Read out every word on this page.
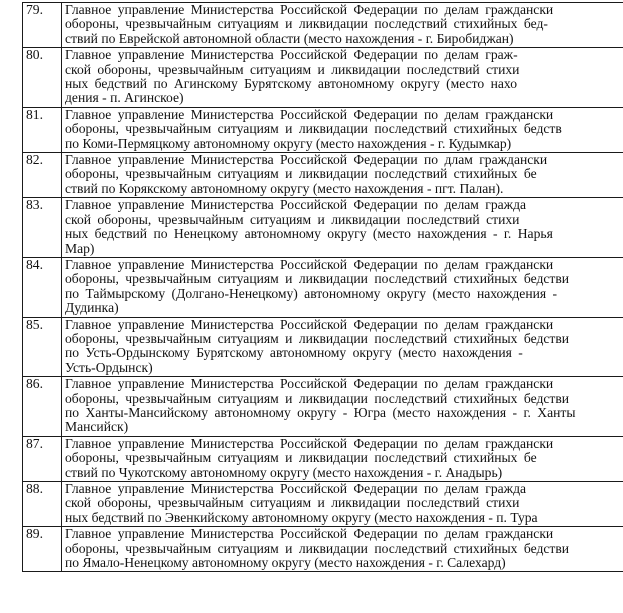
79.	Главное управление Министерства Российской Федерации по делам граждански
обороны, чрезвычайным ситуациям и ликвидации последствий стихийных бед-
ствий по Еврейской автономной области (место нахождения - г. Биробиджан)

80.	Главное управление Министерства Российской Федерации по делам граж-
ской обороны, чрезвычайным ситуациям и ликвидации последствий стихи
ных бедствий по Агинскому Бурятскому автономному округу (место нахо
дения - п. Агинское)

81.	Главное управление Министерства Российской Федерации по делам граждански
обороны, чрезвычайным ситуациям и ликвидации последствий стихийных бедств
по Коми-Пермяцкому автономному округу (место нахождения - г. Кудымкар)

82.	Главное управление Министерства Российской Федерации по длам граждански
обороны, чрезвычайным ситуациям и ликвидации последствий стихийных бе
ствий по Корякскому автономному округу (место нахождения - пгт. Палан).

83.	Главное управление Министерства Российской Федерации по делам гражда
ской обороны, чрезвычайным ситуациям и ликвидации последствий стихи
ных бедствий по Ненецкому автономному округу (место нахождения - г. Нарья
Мар)

84.	Главное управление Министерства Российской Федерации по делам граждански
обороны, чрезвычайным ситуациям и ликвидации последствий стихийных бедстви
по Таймырскому (Долгано-Ненецкому) автономному округу (место нахождения -
Дудинка)

85.	Главное управление Министерства Российской Федерации по делам граждански
обороны, чрезвычайным ситуациям и ликвидации последствий стихийных бедстви
по Усть-Ордынскому Бурятскому автономному округу (место нахождения -
Усть-Ордынск)

86.	Главное управление Министерства Российской Федерации по делам граждански
обороны, чрезвычайным ситуациям и ликвидации последствий стихийных бедстви
по Ханты-Мансийскому автономному округу - Югра (место нахождения - г. Ханты
Мансийск)

87.	Главное управление Министерства Российской Федерации по делам граждански
обороны, чрезвычайным ситуациям и ликвидации последствий стихийных бе
ствий по Чукотскому автономному округу (место нахождения - г. Анадырь)

88.	Главное управление Министерства Российской Федерации по делам гражда
ской обороны, чрезвычайным ситуациям и ликвидации последствий стихи
ных бедствий по Эвенкийскому автономному округу (место нахождения - п. Тура

89.	Главное управление Министерства Российской Федерации по делам граждански
обороны, чрезвычайным ситуациям и ликвидации последствий стихийных бедстви
по Ямало-Ненецкому автономному округу (место нахождения - г. Салехард)
